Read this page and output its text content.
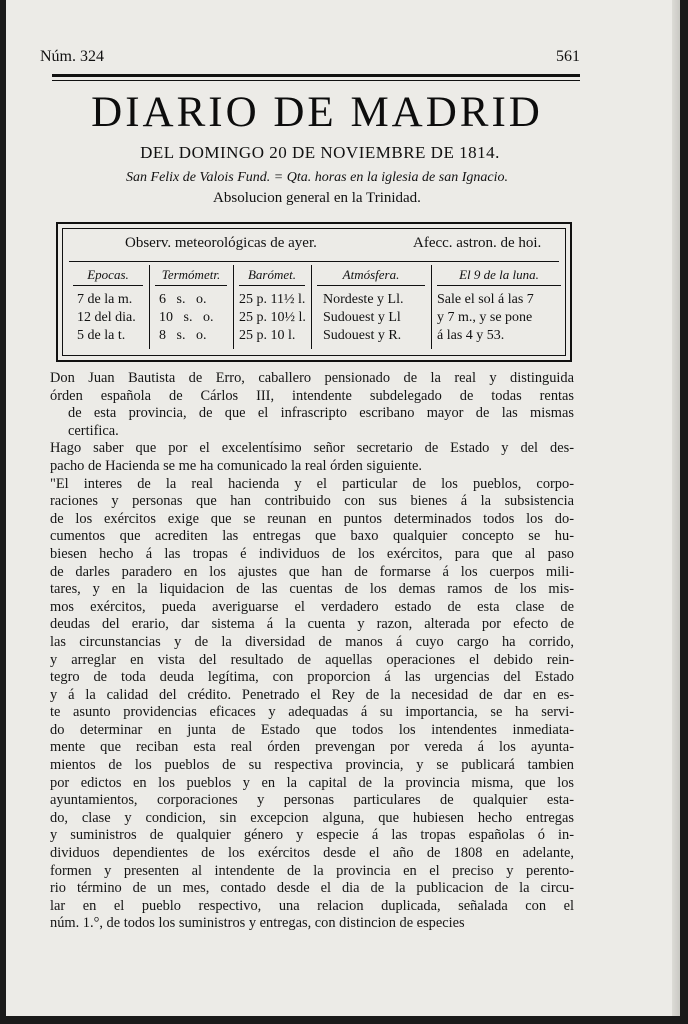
Núm. 324	561
DIARIO DE MADRID
DEL DOMINGO 20 DE NOVIEMBRE DE 1814.
San Felix de Valois Fund. = Qta. horas en la iglesia de san Ignacio.
Absolucion general en la Trinidad.
Observ. meteorológicas de ayer.	Afecc. astron. de hoi.
Epocas.
7 de la m.
12 del dia.
5 de la t.
Termómetr.
6   s.   o.
10   s.   o.
8   s.   o.
Barómet.
25 p. 11½ l.
25 p. 10½ l.
25 p. 10 l.
Atmósfera.
Nordeste y Ll.
Sudouest y Ll
Sudouest y R.
El 9 de la luna.
Sale el sol á las 7
y 7 m., y se pone
á las 4 y 53.
Don Juan Bautista de Erro, caballero pensionado de la real y distinguida
órden española de Cárlos III, intendente subdelegado de todas rentas
de esta provincia, de que el infrascripto escribano mayor de las mismas
certifica.
Hago saber que por el excelentísimo señor secretario de Estado y del des-
pacho de Hacienda se me ha comunicado la real órden siguiente.
"El interes de la real hacienda y el particular de los pueblos, corpo-
raciones y personas que han contribuido con sus bienes á la subsistencia
de los exércitos exige que se reunan en puntos determinados todos los do-
cumentos que acrediten las entregas que baxo qualquier concepto se hu-
biesen hecho á las tropas é individuos de los exércitos, para que al paso
de darles paradero en los ajustes que han de formarse á los cuerpos mili-
tares, y en la liquidacion de las cuentas de los demas ramos de los mis-
mos exércitos, pueda averiguarse el verdadero estado de esta clase de
deudas del erario, dar sistema á la cuenta y razon, alterada por efecto de
las circunstancias y de la diversidad de manos á cuyo cargo ha corrido,
y arreglar en vista del resultado de aquellas operaciones el debido rein-
tegro de toda deuda legítima, con proporcion á las urgencias del Estado
y á la calidad del crédito. Penetrado el Rey de la necesidad de dar en es-
te asunto providencias eficaces y adequadas á su importancia, se ha servi-
do determinar en junta de Estado que todos los intendentes inmediata-
mente que reciban esta real órden prevengan por vereda á los ayunta-
mientos de los pueblos de su respectiva provincia, y se publicará tambien
por edictos en los pueblos y en la capital de la provincia misma, que los
ayuntamientos, corporaciones y personas particulares de qualquier esta-
do, clase y condicion, sin excepcion alguna, que hubiesen hecho entregas
y suministros de qualquier género y especie á las tropas españolas ó in-
dividuos dependientes de los exércitos desde el año de 1808 en adelante,
formen y presenten al intendente de la provincia en el preciso y perento-
rio término de un mes, contado desde el dia de la publicacion de la circu-
lar en el pueblo respectivo, una relacion duplicada, señalada con el
núm. 1.°, de todos los suministros y entregas, con distincion de especies
